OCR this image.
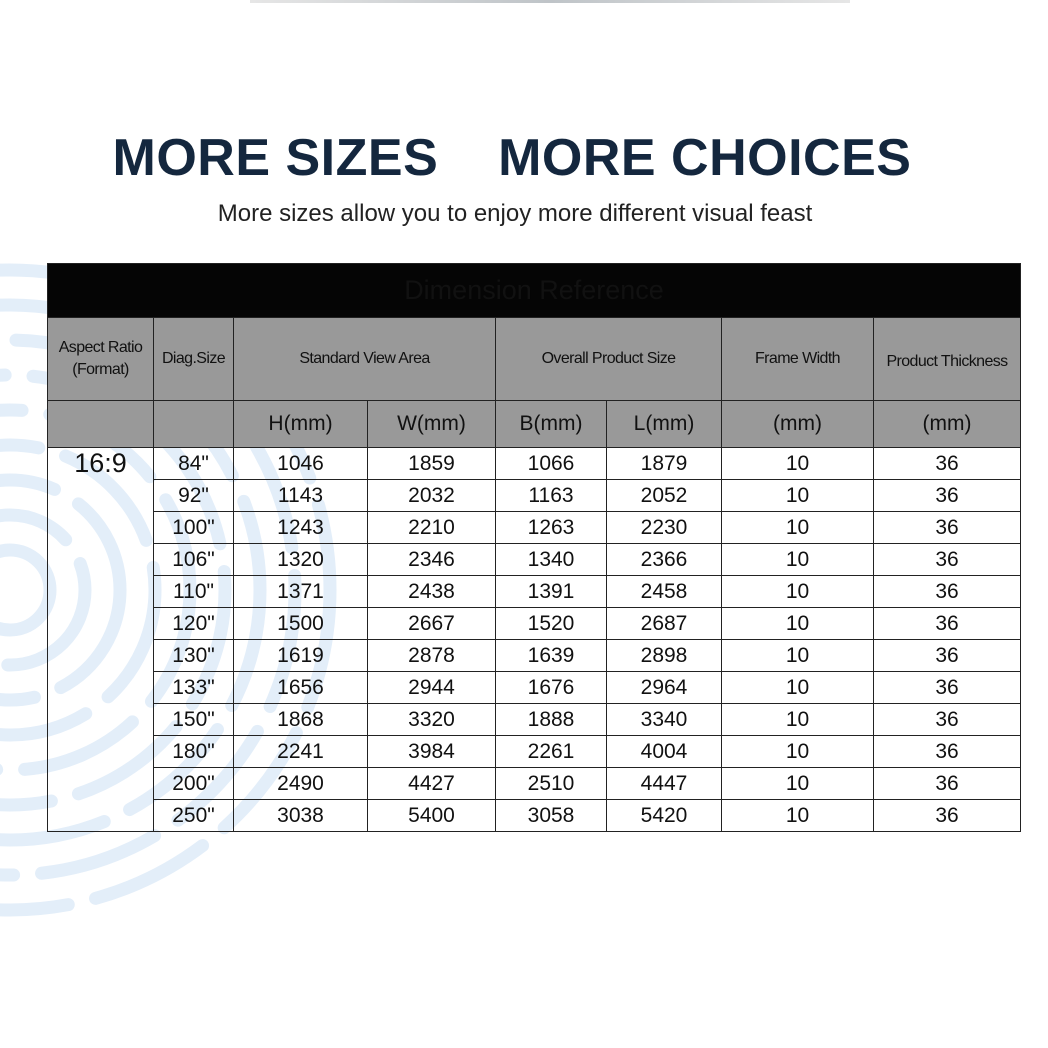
MORE SIZES MORE CHOICES
More sizes allow you to enjoy more different visual feast
Dimension Reference							
Aspect Ratio (Format)	Diag.Size	Standard View Area		Overall Product Size		Frame Width	Product Thickness
		H(mm)	W(mm)	B(mm)	L(mm)	(mm)	(mm)
16:9	84"	1046	1859	1066	1879	10	36
	92"	1143	2032	1163	2052	10	36
	100"	1243	2210	1263	2230	10	36
	106"	1320	2346	1340	2366	10	36
	110"	1371	2438	1391	2458	10	36
	120"	1500	2667	1520	2687	10	36
	130"	1619	2878	1639	2898	10	36
	133"	1656	2944	1676	2964	10	36
	150"	1868	3320	1888	3340	10	36
	180"	2241	3984	2261	4004	10	36
	200"	2490	4427	2510	4447	10	36
	250"	3038	5400	3058	5420	10	36
